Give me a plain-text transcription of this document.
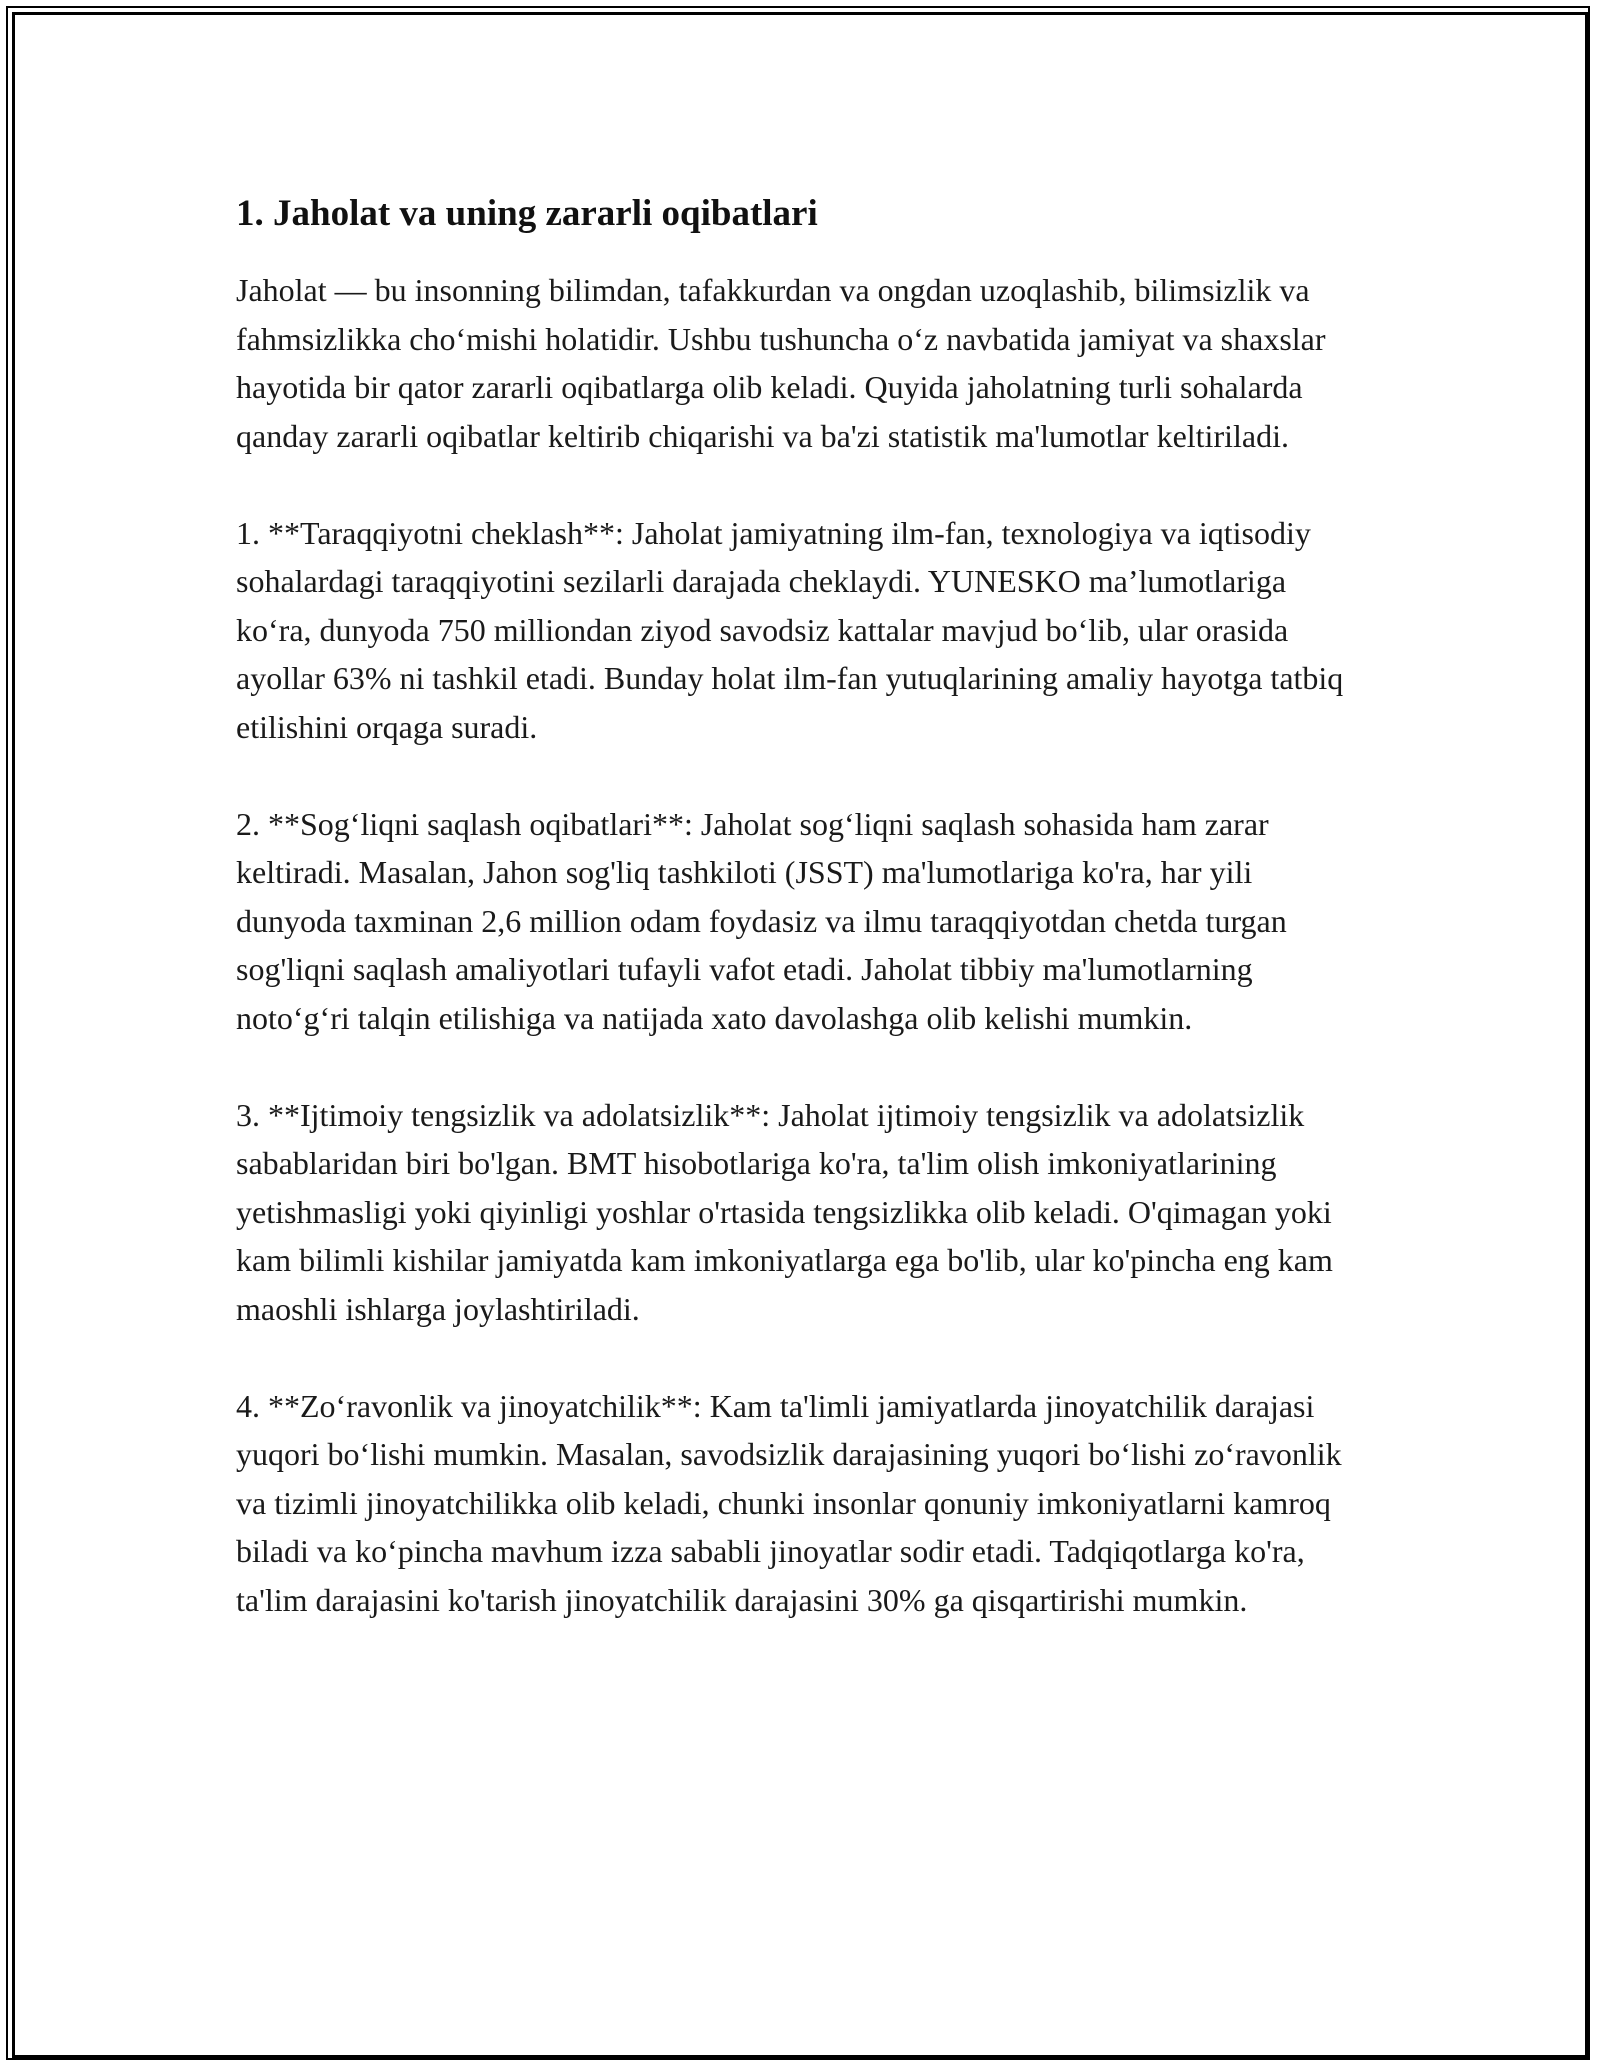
1. Jaholat va uning zararli oqibatlari

Jaholat — bu insonning bilimdan, tafakkurdan va ongdan uzoqlashib, bilimsizlik va fahmsizlikka cho‘mishi holatidir. Ushbu tushuncha o‘z navbatida jamiyat va shaxslar hayotida bir qator zararli oqibatlarga olib keladi. Quyida jaholatning turli sohalarda qanday zararli oqibatlar keltirib chiqarishi va ba'zi statistik ma'lumotlar keltiriladi.

1. **Taraqqiyotni cheklash**: Jaholat jamiyatning ilm-fan, texnologiya va iqtisodiy sohalardagi taraqqiyotini sezilarli darajada cheklaydi. YUNESKO ma’lumotlariga ko‘ra, dunyoda 750 milliondan ziyod savodsiz kattalar mavjud bo‘lib, ular orasida ayollar 63% ni tashkil etadi. Bunday holat ilm-fan yutuqlarining amaliy hayotga tatbiq etilishini orqaga suradi.

2. **Sog‘liqni saqlash oqibatlari**: Jaholat sog‘liqni saqlash sohasida ham zarar keltiradi. Masalan, Jahon sog'liq tashkiloti (JSST) ma'lumotlariga ko'ra, har yili dunyoda taxminan 2,6 million odam foydasiz va ilmu taraqqiyotdan chetda turgan sog'liqni saqlash amaliyotlari tufayli vafot etadi. Jaholat tibbiy ma'lumotlarning noto‘g‘ri talqin etilishiga va natijada xato davolashga olib kelishi mumkin.

3. **Ijtimoiy tengsizlik va adolatsizlik**: Jaholat ijtimoiy tengsizlik va adolatsizlik sabablaridan biri bo'lgan. BMT hisobotlariga ko'ra, ta'lim olish imkoniyatlarining yetishmasligi yoki qiyinligi yoshlar o'rtasida tengsizlikka olib keladi. O'qimagan yoki kam bilimli kishilar jamiyatda kam imkoniyatlarga ega bo'lib, ular ko'pincha eng kam maoshli ishlarga joylashtiriladi.

4. **Zo‘ravonlik va jinoyatchilik**: Kam ta'limli jamiyatlarda jinoyatchilik darajasi yuqori bo‘lishi mumkin. Masalan, savodsizlik darajasining yuqori bo‘lishi zo‘ravonlik va tizimli jinoyatchilikka olib keladi, chunki insonlar qonuniy imkoniyatlarni kamroq biladi va ko‘pincha mavhum izza sababli jinoyatlar sodir etadi. Tadqiqotlarga ko'ra, ta'lim darajasini ko'tarish jinoyatchilik darajasini 30% ga qisqartirishi mumkin.
